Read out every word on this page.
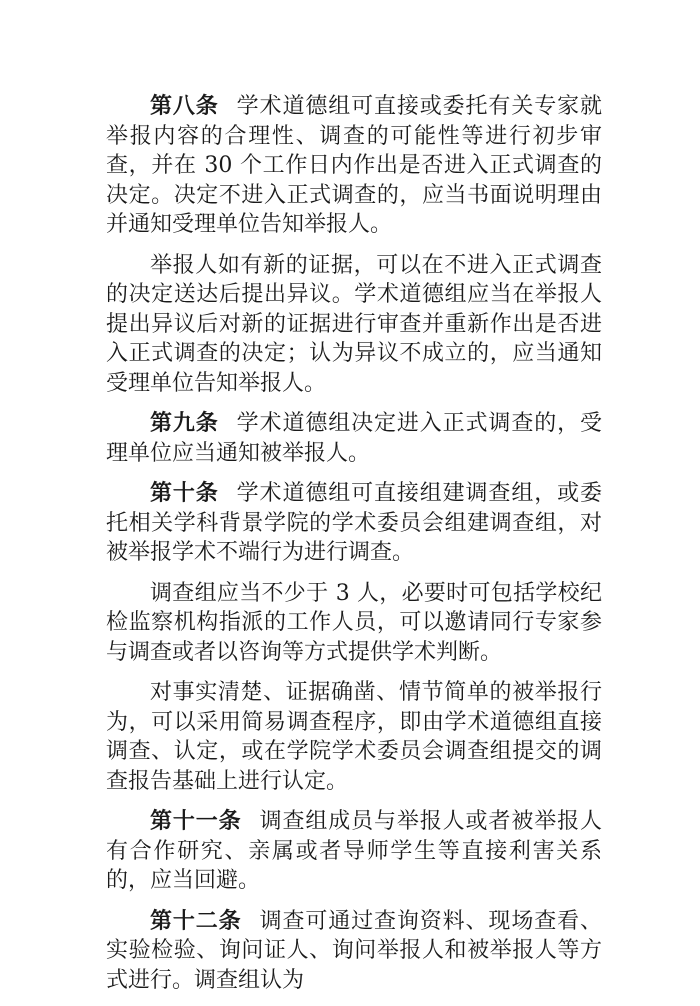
第八条 学术道德组可直接或委托有关专家就举报内容的合理性、调查的可能性等进行初步审查，并在 30 个工作日内作出是否进入正式调查的决定。决定不进入正式调查的，应当书面说明理由并通知受理单位告知举报人。

举报人如有新的证据，可以在不进入正式调查的决定送达后提出异议。学术道德组应当在举报人提出异议后对新的证据进行审查并重新作出是否进入正式调查的决定；认为异议不成立的，应当通知受理单位告知举报人。

第九条 学术道德组决定进入正式调查的，受理单位应当通知被举报人。

第十条 学术道德组可直接组建调查组，或委托相关学科背景学院的学术委员会组建调查组，对被举报学术不端行为进行调查。

调查组应当不少于 3 人，必要时可包括学校纪检监察机构指派的工作人员，可以邀请同行专家参与调查或者以咨询等方式提供学术判断。

对事实清楚、证据确凿、情节简单的被举报行为，可以采用简易调查程序，即由学术道德组直接调查、认定，或在学院学术委员会调查组提交的调查报告基础上进行认定。

第十一条 调查组成员与举报人或者被举报人有合作研究、亲属或者导师学生等直接利害关系的，应当回避。

第十二条 调查可通过查询资料、现场查看、实验检验、询问证人、询问举报人和被举报人等方式进行。调查组认为
